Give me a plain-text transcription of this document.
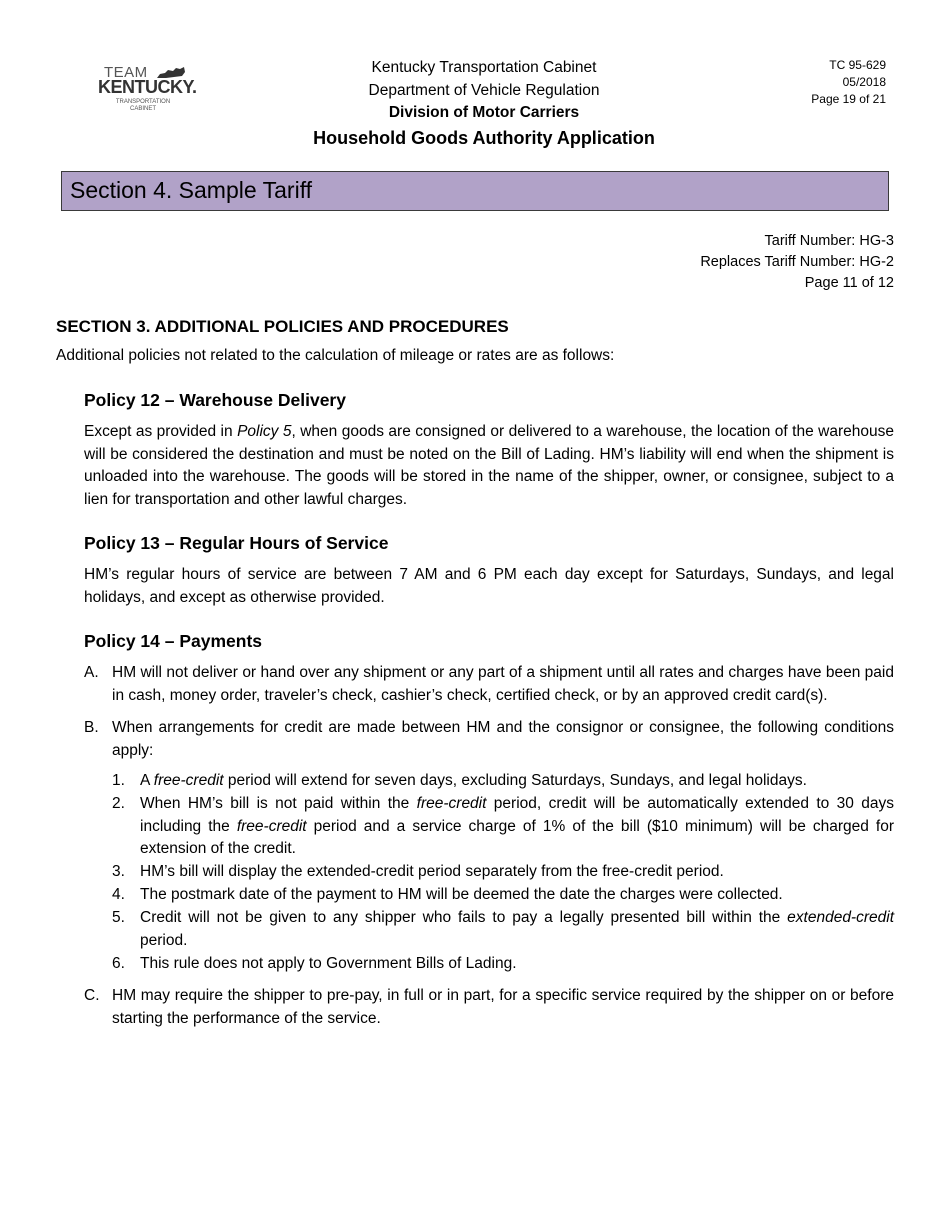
TEAM
KENTUCKY.
TRANSPORTATION
CABINET
Kentucky Transportation Cabinet
Department of Vehicle Regulation
Division of Motor Carriers
Household Goods Authority Application
TC 95-629
05/2018
Page 19 of 21
Section 4. Sample Tariff
Tariff Number: HG-3
Replaces Tariff Number: HG-2
Page 11 of 12

SECTION 3. ADDITIONAL POLICIES AND PROCEDURES

Additional policies not related to the calculation of mileage or rates are as follows:

Policy 12 – Warehouse Delivery

Except as provided in Policy 5, when goods are consigned or delivered to a warehouse, the location of the warehouse will be considered the destination and must be noted on the Bill of Lading. HM’s liability will end when the shipment is unloaded into the warehouse. The goods will be stored in the name of the shipper, owner, or consignee, subject to a lien for transportation and other lawful charges.

Policy 13 – Regular Hours of Service

HM’s regular hours of service are between 7 AM and 6 PM each day except for Saturdays, Sundays, and legal holidays, and except as otherwise provided.

Policy 14 – Payments
A. HM will not deliver or hand over any shipment or any part of a shipment until all rates and charges have been paid in cash, money order, traveler’s check, cashier’s check, certified check, or by an approved credit card(s).
B. When arrangements for credit are made between HM and the consignor or consignee, the following conditions apply:
1. A free-credit period will extend for seven days, excluding Saturdays, Sundays, and legal holidays.
2. When HM’s bill is not paid within the free-credit period, credit will be automatically extended to 30 days including the free-credit period and a service charge of 1% of the bill ($10 minimum) will be charged for extension of the credit.
3. HM’s bill will display the extended-credit period separately from the free-credit period.
4. The postmark date of the payment to HM will be deemed the date the charges were collected.
5. Credit will not be given to any shipper who fails to pay a legally presented bill within the extended-credit period.
6. This rule does not apply to Government Bills of Lading.
C. HM may require the shipper to pre-pay, in full or in part, for a specific service required by the shipper on or before starting the performance of the service.
